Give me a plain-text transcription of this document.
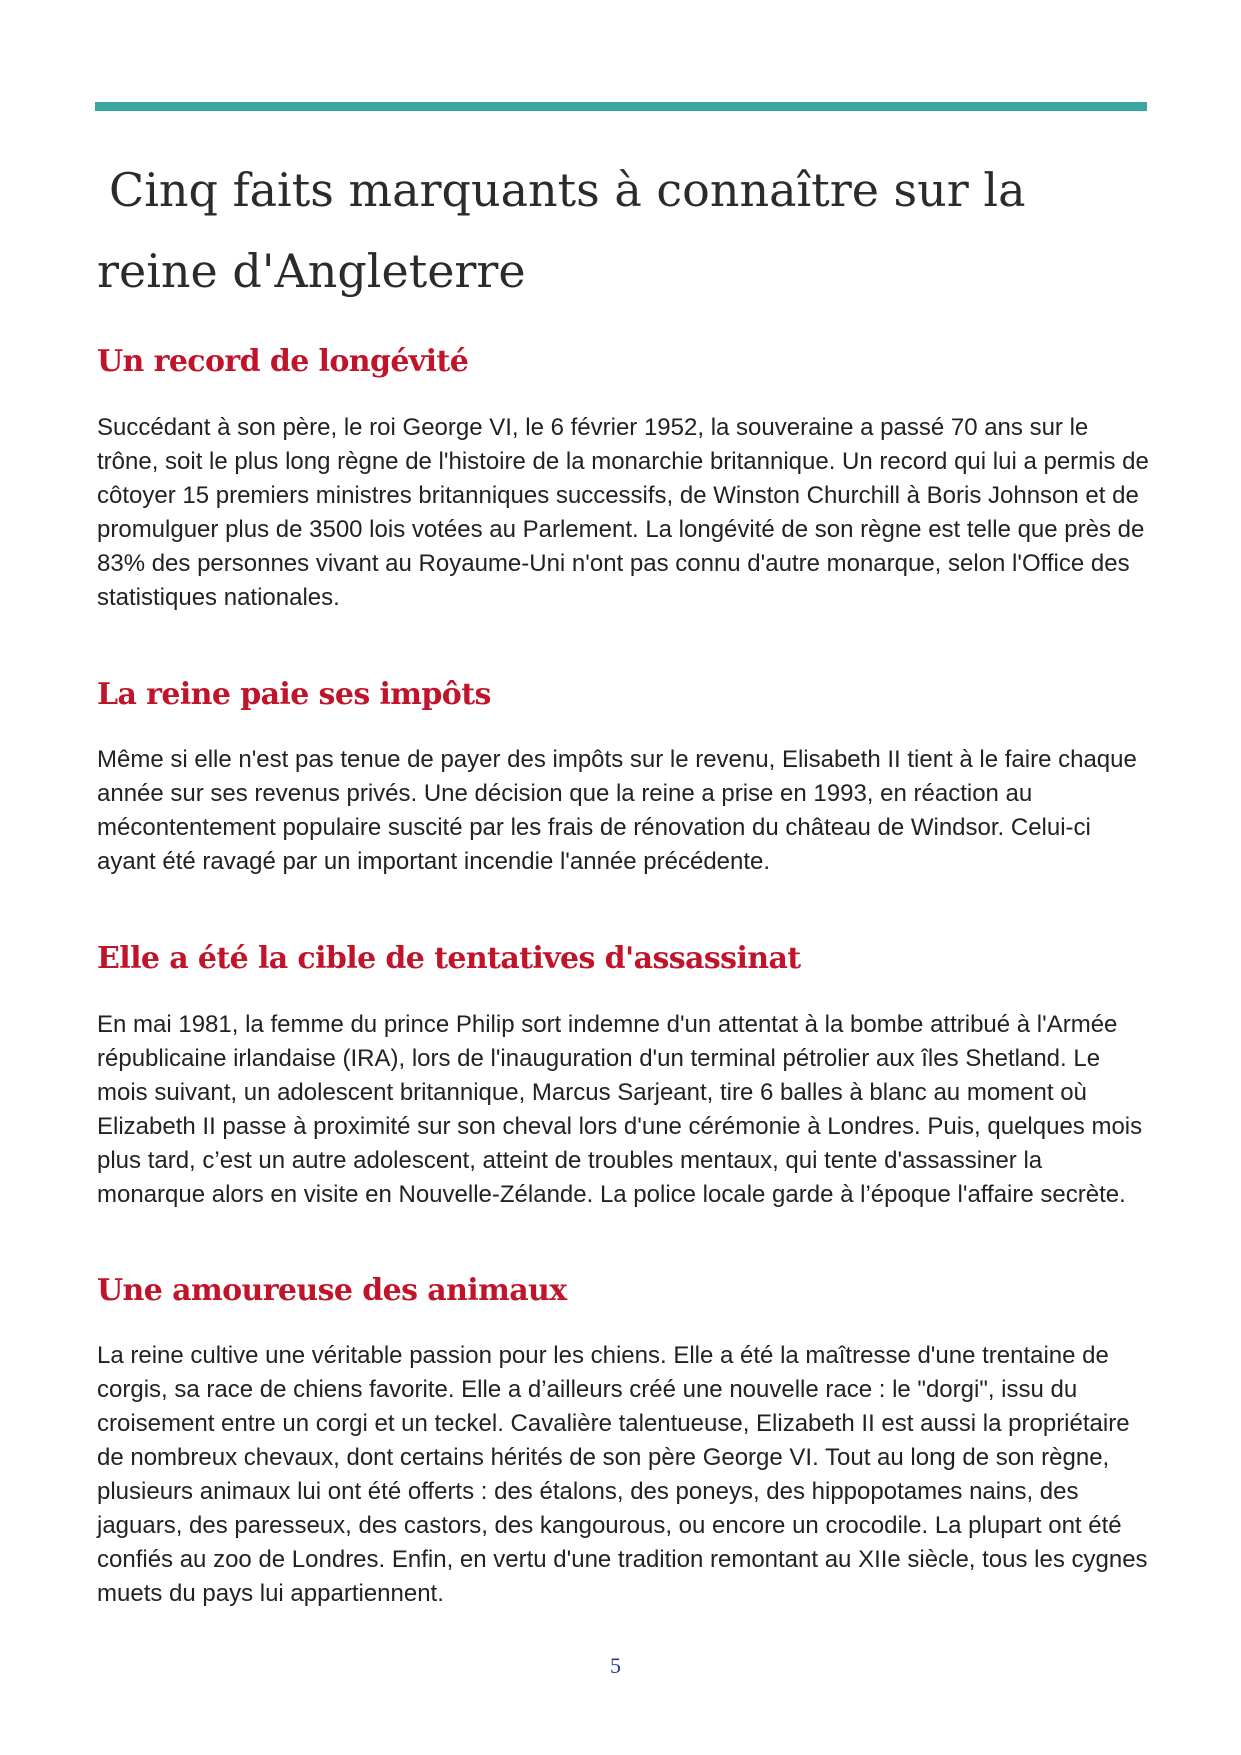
Cinq faits marquants à connaître sur la reine d'Angleterre
Un record de longévité

Succédant à son père, le roi George VI, le 6 février 1952, la souveraine a passé 70 ans sur le trône, soit le plus long règne de l'histoire de la monarchie britannique. Un record qui lui a permis de côtoyer 15 premiers ministres britanniques successifs, de Winston Churchill à Boris Johnson et de promulguer plus de 3500 lois votées au Parlement. La longévité de son règne est telle que près de 83% des personnes vivant au Royaume-Uni n'ont pas connu d'autre monarque, selon l'Office des statistiques nationales.

La reine paie ses impôts

Même si elle n'est pas tenue de payer des impôts sur le revenu, Elisabeth II tient à le faire chaque année sur ses revenus privés. Une décision que la reine a prise en 1993, en réaction au mécontentement populaire suscité par les frais de rénovation du château de Windsor. Celui-ci ayant été ravagé par un important incendie l'année précédente.

Elle a été la cible de tentatives d'assassinat

En mai 1981, la femme du prince Philip sort indemne d'un attentat à la bombe attribué à l'Armée républicaine irlandaise (IRA), lors de l'inauguration d'un terminal pétrolier aux îles Shetland. Le mois suivant, un adolescent britannique, Marcus Sarjeant, tire 6 balles à blanc au moment où Elizabeth II passe à proximité sur son cheval lors d'une cérémonie à Londres. Puis, quelques mois plus tard, c’est un autre adolescent, atteint de troubles mentaux, qui tente d'assassiner la monarque alors en visite en Nouvelle-Zélande. La police locale garde à l’époque l'affaire secrète.

Une amoureuse des animaux

La reine cultive une véritable passion pour les chiens. Elle a été la maîtresse d'une trentaine de corgis, sa race de chiens favorite. Elle a d’ailleurs créé une nouvelle race : le "dorgi", issu du croisement entre un corgi et un teckel. Cavalière talentueuse, Elizabeth II est aussi la propriétaire de nombreux chevaux, dont certains hérités de son père George VI. Tout au long de son règne, plusieurs animaux lui ont été offerts : des étalons, des poneys, des hippopotames nains, des jaguars, des paresseux, des castors, des kangourous, ou encore un crocodile. La plupart ont été confiés au zoo de Londres. Enfin, en vertu d'une tradition remontant au XIIe siècle, tous les cygnes muets du pays lui appartiennent.

5
